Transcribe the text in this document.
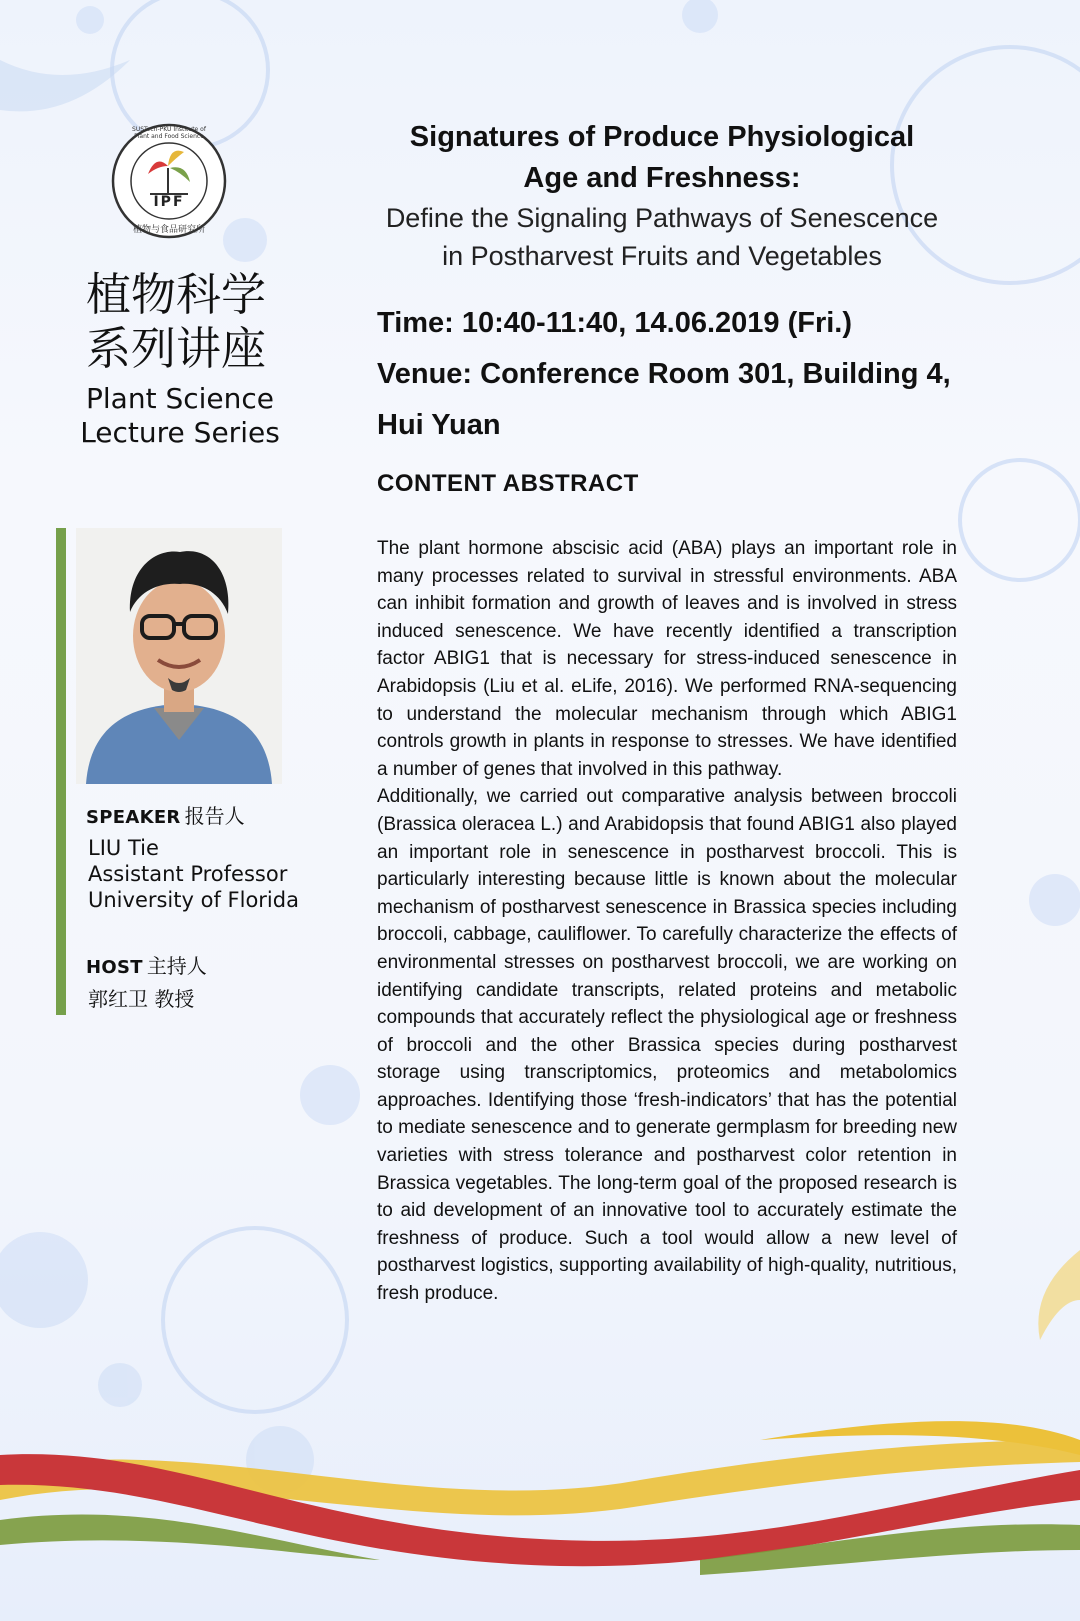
IPF
SUSTech-PKU Institute of Plant and Food Science
植物与食品研究所
植物科学
系列讲座
Plant Science
Lecture Series
SPEAKER 报告人
LIU Tie
Assistant Professor
University of Florida
HOST 主持人
郭红卫 教授
Signatures of Produce Physiological
Age and Freshness:
Define the Signaling Pathways of Senescence
in Postharvest Fruits and Vegetables
Time: 10:40-11:40, 14.06.2019 (Fri.)
Venue: Conference Room 301, Building 4,
Hui Yuan
CONTENT ABSTRACT

The plant hormone abscisic acid (ABA) plays an important role in many processes related to survival in stressful environments. ABA can inhibit formation and growth of leaves and is involved in stress induced senescence. We have recently identified a transcription factor ABIG1 that is necessary for stress-induced senescence in Arabidopsis (Liu et al. eLife, 2016). We performed RNA-sequencing to understand the molecular mechanism through which ABIG1 controls growth in plants in response to stresses. We have identified a number of genes that involved in this pathway.

Additionally, we carried out comparative analysis between broccoli (Brassica oleracea L.) and Arabidopsis that found ABIG1 also played an important role in senescence in postharvest broccoli. This is particularly interesting because little is known about the molecular mechanism of postharvest senescence in Brassica species including broccoli, cabbage, cauliflower. To carefully characterize the effects of environmental stresses on postharvest broccoli, we are working on identifying candidate transcripts, related proteins and metabolic compounds that accurately reflect the physiological age or freshness of broccoli and the other Brassica species during postharvest storage using transcriptomics, proteomics and metabolomics approaches. Identifying those ‘fresh-indicators’ that has the potential to mediate senescence and to generate germplasm for breeding new varieties with stress tolerance and postharvest color retention in Brassica vegetables. The long-term goal of the proposed research is to aid development of an innovative tool to accurately estimate the freshness of produce. Such a tool would allow a new level of postharvest logistics, supporting availability of high-quality, nutritious, fresh produce.
